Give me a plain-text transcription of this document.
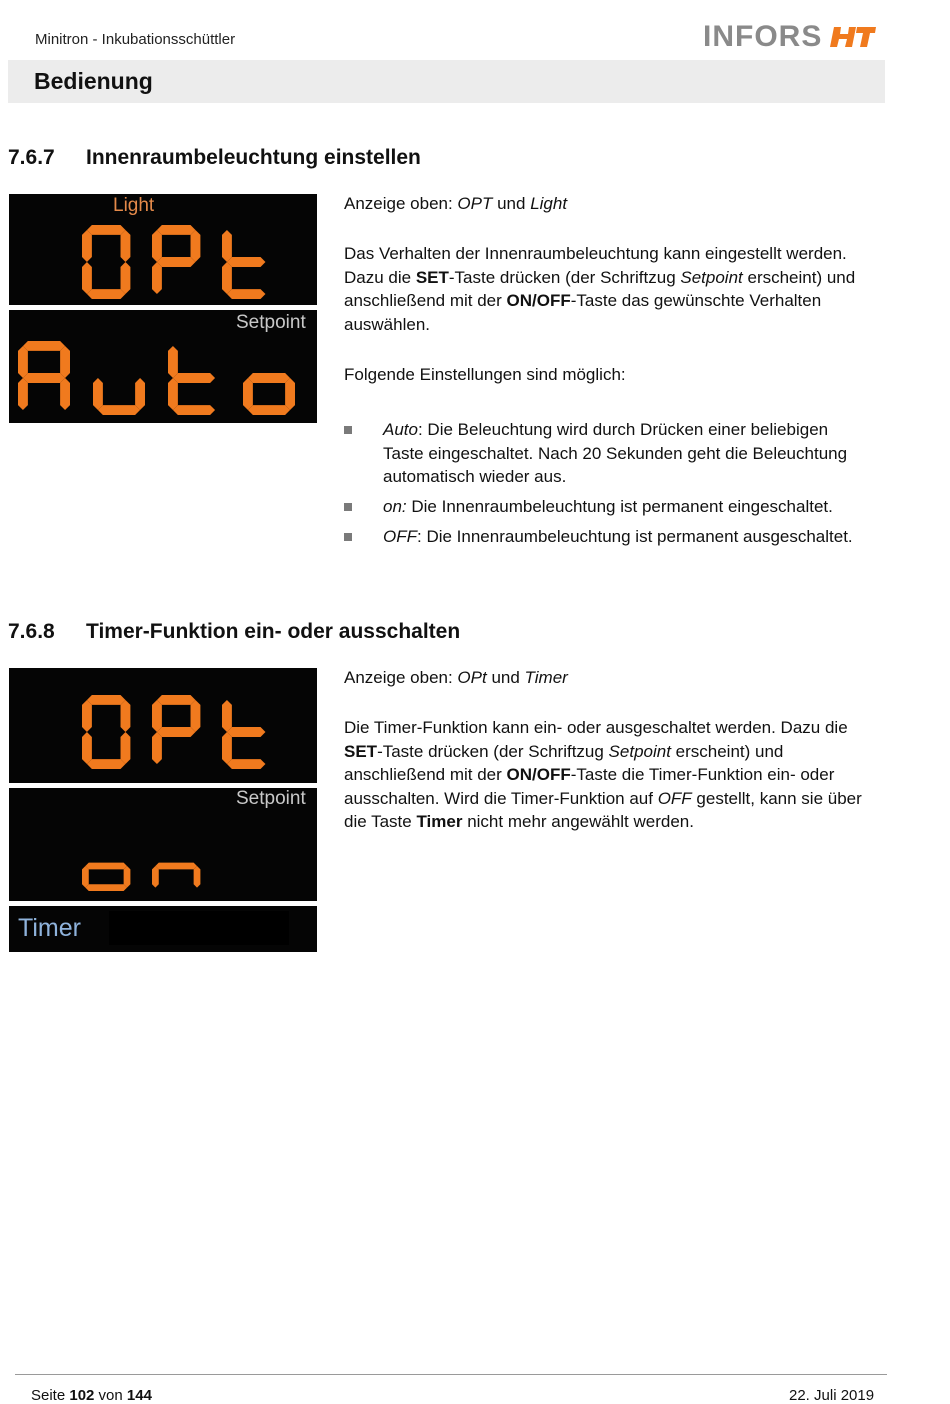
Minitron - Inkubationsschüttler	INFORS
Bedienung
7.6.7 Innenraumbeleuchtung einstellen
Light
Setpoint
Anzeige oben: OPT und Light
Das Verhalten der Innenraumbeleuchtung kann eingestellt werden. Dazu die SET-Taste drücken (der Schriftzug Setpoint erscheint) und anschließend mit der ON/OFF-Taste das gewünschte Verhalten auswählen.
Folgende Einstellungen sind möglich:
Auto: Die Beleuchtung wird durch Drücken einer beliebigen Taste eingeschaltet. Nach 20 Sekunden geht die Beleuchtung automatisch wieder aus.
on: Die Innenraumbeleuchtung ist permanent eingeschaltet.
OFF: Die Innenraumbeleuchtung ist permanent ausgeschaltet.
7.6.8 Timer-Funktion ein- oder ausschalten
Setpoint
Timer
Anzeige oben: OPt und Timer
Die Timer-Funktion kann ein- oder ausgeschaltet werden. Dazu die SET-Taste drücken (der Schriftzug Setpoint erscheint) und anschließend mit der ON/OFF-Taste die Timer-Funktion ein- oder ausschalten. Wird die Timer-Funktion auf OFF gestellt, kann sie über die Taste Timer nicht mehr angewählt werden.
Seite 102 von 144	22. Juli 2019
